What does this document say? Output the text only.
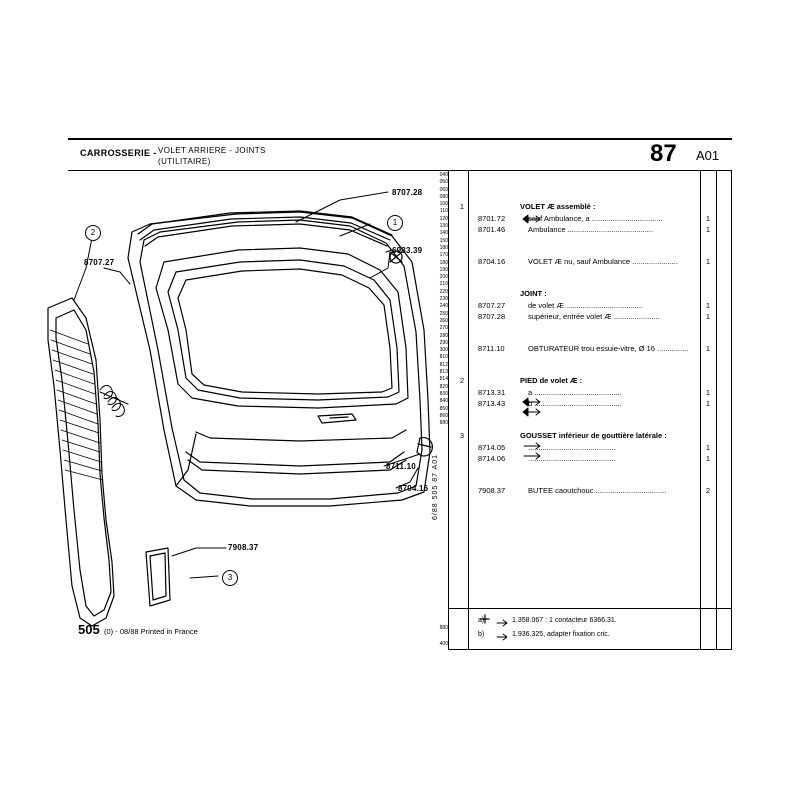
CARROSSERIE - VOLET ARRIERE - JOINTS
(UTILITAIRE)	87 A01
040
050
060
080
100
110
120
130
140
150
180
170
180
190
200
210
220
230
240
250
260
270
280
290
300
810
812
813
814
820
830
840
850
860
880
6/88 505 87 A01
880
400
1	VOLET Æ assemblé :
8701.72	sauf Ambulance, a ..................................	1
8701.46	Ambulance .........................................	1
8704.16	VOLET Æ nu, sauf Ambulance ......................	1
JOINT :
8707.27	de volet Æ .....................................	1
8707.28	supérieur, entrée volet Æ ......................	1
8711.10	OBTURATEUR trou essuie-vitre, Ø 16 ...............	1
2	PIED de volet Æ :
8713.31	a ..........................................	1
8713.43	b ..........................................	1
3	GOUSSET inférieur de gouttière latérale :
8714.05	..........................................	1
8714.06	..........................................	1
7908.37	BUTEE caoutchouc ..................................	2
a)	1.358.067 : 1 contacteur 6366.31.
b)	1.936.325, adapter fixation cric.
505 (0) - 08/88 Printed in France
8707.28
6983.39
8707.27
8711.10
8704.16
7908.37
1
2
3
